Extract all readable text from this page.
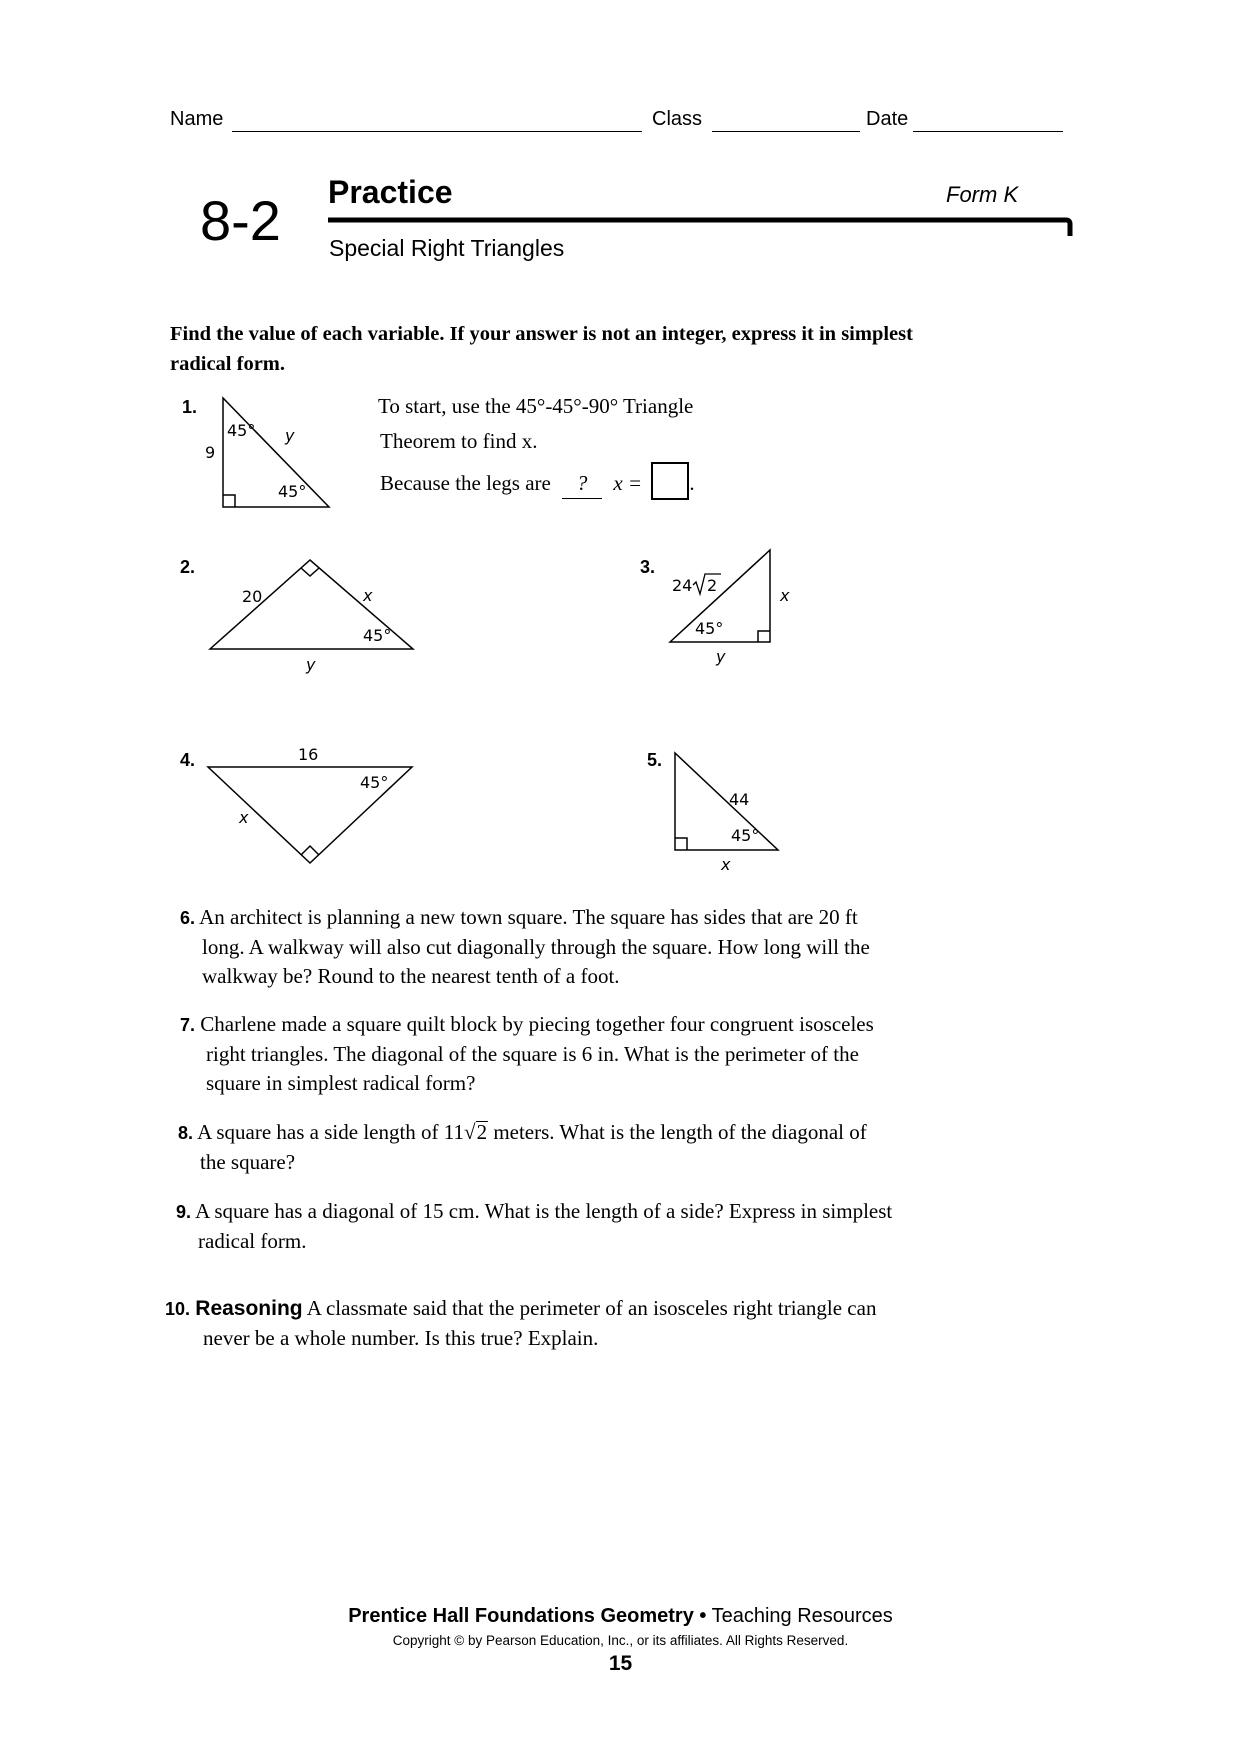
Name	Class	Date
8-2 Practice	Form K
Special Right Triangles
Find the value of each variable. If your answer is not an integer, express it in simplest radical form.
1.
9
y
45°
45°
To start, use the 45°-45°-90° Triangle
Theorem to find x.
Because the legs are ? x = .
2.
20	x
45°
y
3.
24 2
x
45°
y
4.	16
45°
x
5.
44
45°
x
6. An architect is planning a new town square. The square has sides that are 20 ft
long. A walkway will also cut diagonally through the square. How long will the
walkway be? Round to the nearest tenth of a foot.
7. Charlene made a square quilt block by piecing together four congruent isosceles
right triangles. The diagonal of the square is 6 in. What is the perimeter of the
square in simplest radical form?
8. A square has a side length of 11√2 meters. What is the length of the diagonal of
the square?
9. A square has a diagonal of 15 cm. What is the length of a side? Express in simplest
radical form.
10. Reasoning A classmate said that the perimeter of an isosceles right triangle can
never be a whole number. Is this true? Explain.
Prentice Hall Foundations Geometry • Teaching Resources
Copyright © by Pearson Education, Inc., or its affiliates. All Rights Reserved.
15
